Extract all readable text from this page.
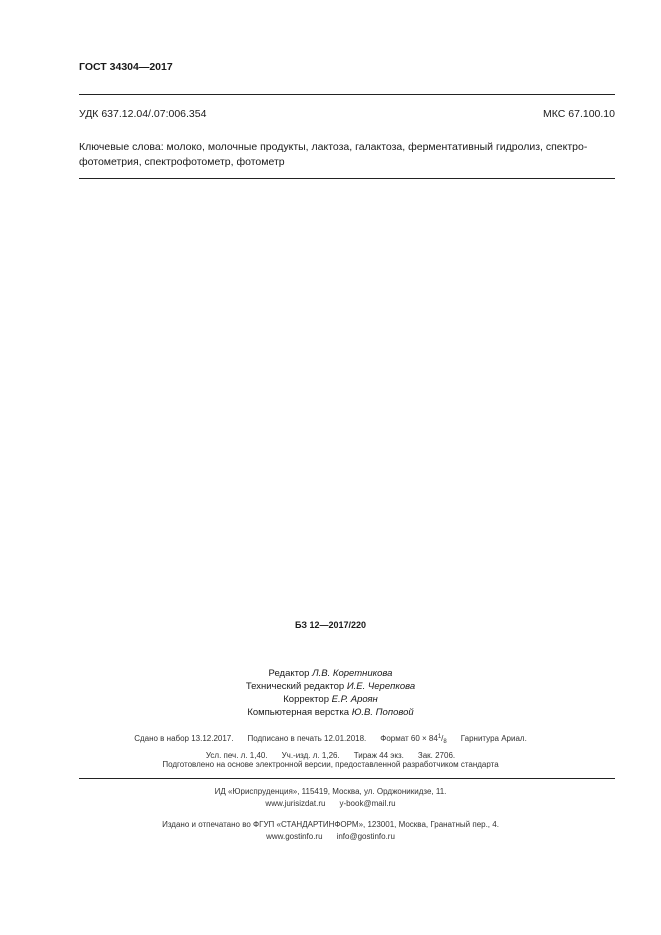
ГОСТ 34304—2017
УДК 637.12.04/.07:006.354	МКС 67.100.10
Ключевые слова: молоко, молочные продукты, лактоза, галактоза, ферментативный гидролиз, спектро-фотометрия, спектрофотометр, фотометр
БЗ 12—2017/220
Редактор Л.В. Коретникова
Технический редактор И.Е. Черепкова
Корректор Е.Р. Ароян
Компьютерная верстка Ю.В. Поповой
Сдано в набор 13.12.2017. Подписано в печать 12.01.2018. Формат $60 \times 84^1/_8$ Гарнитура Ариал.
Усл. печ. л. 1,40. Уч.-изд. л. 1,26. Тираж 44 экз. Зак. 2706.
Подготовлено на основе электронной версии, предоставленной разработчиком стандарта
ИД «Юриспруденция», 115419, Москва, ул. Орджоникидзе, 11.
www.jurisizdat.ru y-book@mail.ru
Издано и отпечатано во ФГУП «СТАНДАРТИНФОРМ», 123001, Москва, Гранатный пер., 4.
www.gostinfo.ru info@gostinfo.ru
